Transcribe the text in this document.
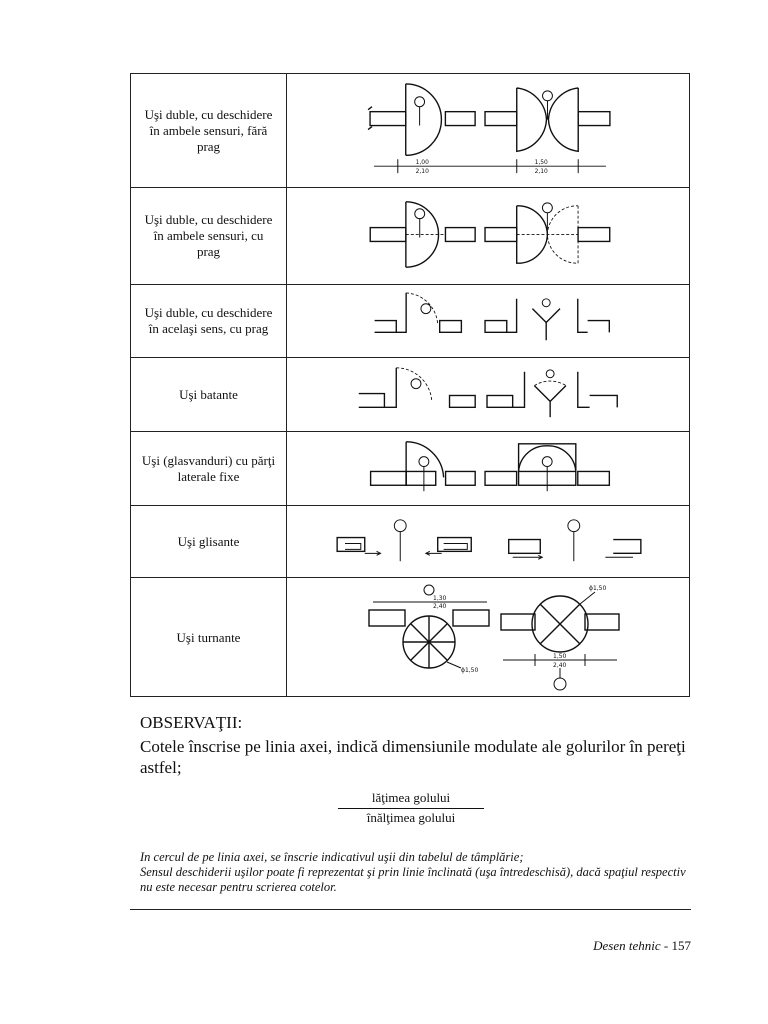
Uşi duble, cu deschidere în ambele sensuri, fără prag
1,00
2,10
1,50
2,10
Uşi duble, cu deschidere în ambele sensuri, cu prag
Uşi duble, cu deschidere în acelaşi sens, cu prag
Uşi batante
Uşi (glasvanduri) cu părţi laterale fixe
Uşi glisante
Uşi turnante
1,30
2,40
ϕ1,50
ϕ1,50
1,50
2,40
OBSERVAŢII:
Cotele înscrise pe linia axei, indică dimensiunile modulate ale golurilor în pereţi astfel;
lăţimea golului
înălţimea golului
In cercul de pe linia axei, se înscrie indicativul uşii din tabelul de tâmplărie;
Sensul deschiderii uşilor poate fi reprezentat şi prin linie înclinată (uşa întredeschisă), dacă spaţiul respectiv nu este necesar pentru scrierea cotelor.
Desen tehnic - 157
